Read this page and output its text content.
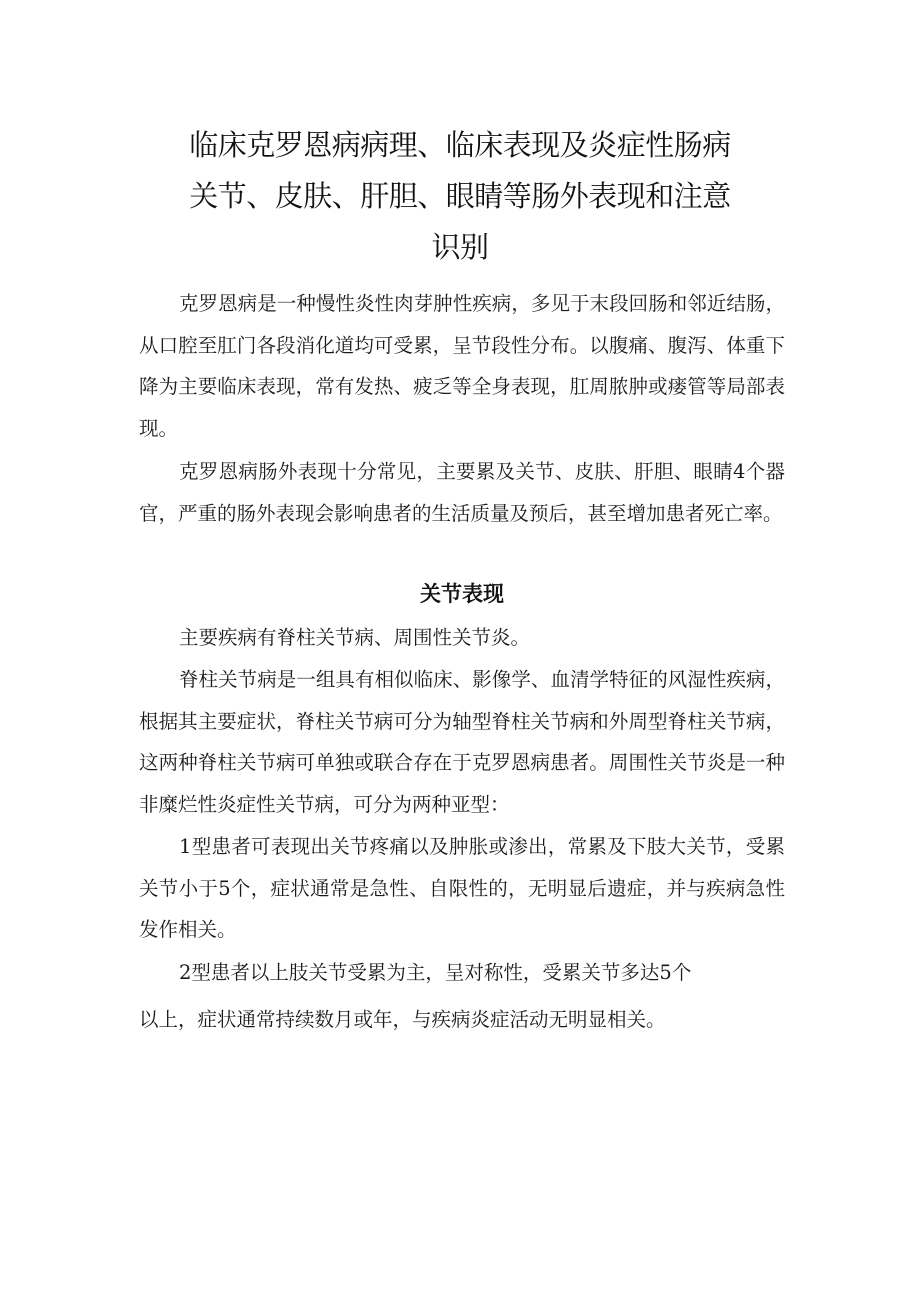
临床克罗恩病病理、临床表现及炎症性肠病
关节、皮肤、肝胆、眼睛等肠外表现和注意
识别

克罗恩病是一种慢性炎性肉芽肿性疾病，多见于末段回肠和邻近结肠，从口腔至肛门各段消化道均可受累，呈节段性分布。以腹痛、腹泻、体重下降为主要临床表现，常有发热、疲乏等全身表现，肛周脓肿或瘘管等局部表现。

克罗恩病肠外表现十分常见，主要累及关节、皮肤、肝胆、眼睛4个器官，严重的肠外表现会影响患者的生活质量及预后，甚至增加患者死亡率。

关节表现

主要疾病有脊柱关节病、周围性关节炎。

脊柱关节病是一组具有相似临床、影像学、血清学特征的风湿性疾病，根据其主要症状，脊柱关节病可分为轴型脊柱关节病和外周型脊柱关节病，这两种脊柱关节病可单独或联合存在于克罗恩病患者。周围性关节炎是一种非糜烂性炎症性关节病，可分为两种亚型：

1型患者可表现出关节疼痛以及肿胀或渗出，常累及下肢大关节，受累关节小于5个，症状通常是急性、自限性的，无明显后遗症，并与疾病急性发作相关。

2型患者以上肢关节受累为主，呈对称性，受累关节多达5个
以上，症状通常持续数月或年，与疾病炎症活动无明显相关。
